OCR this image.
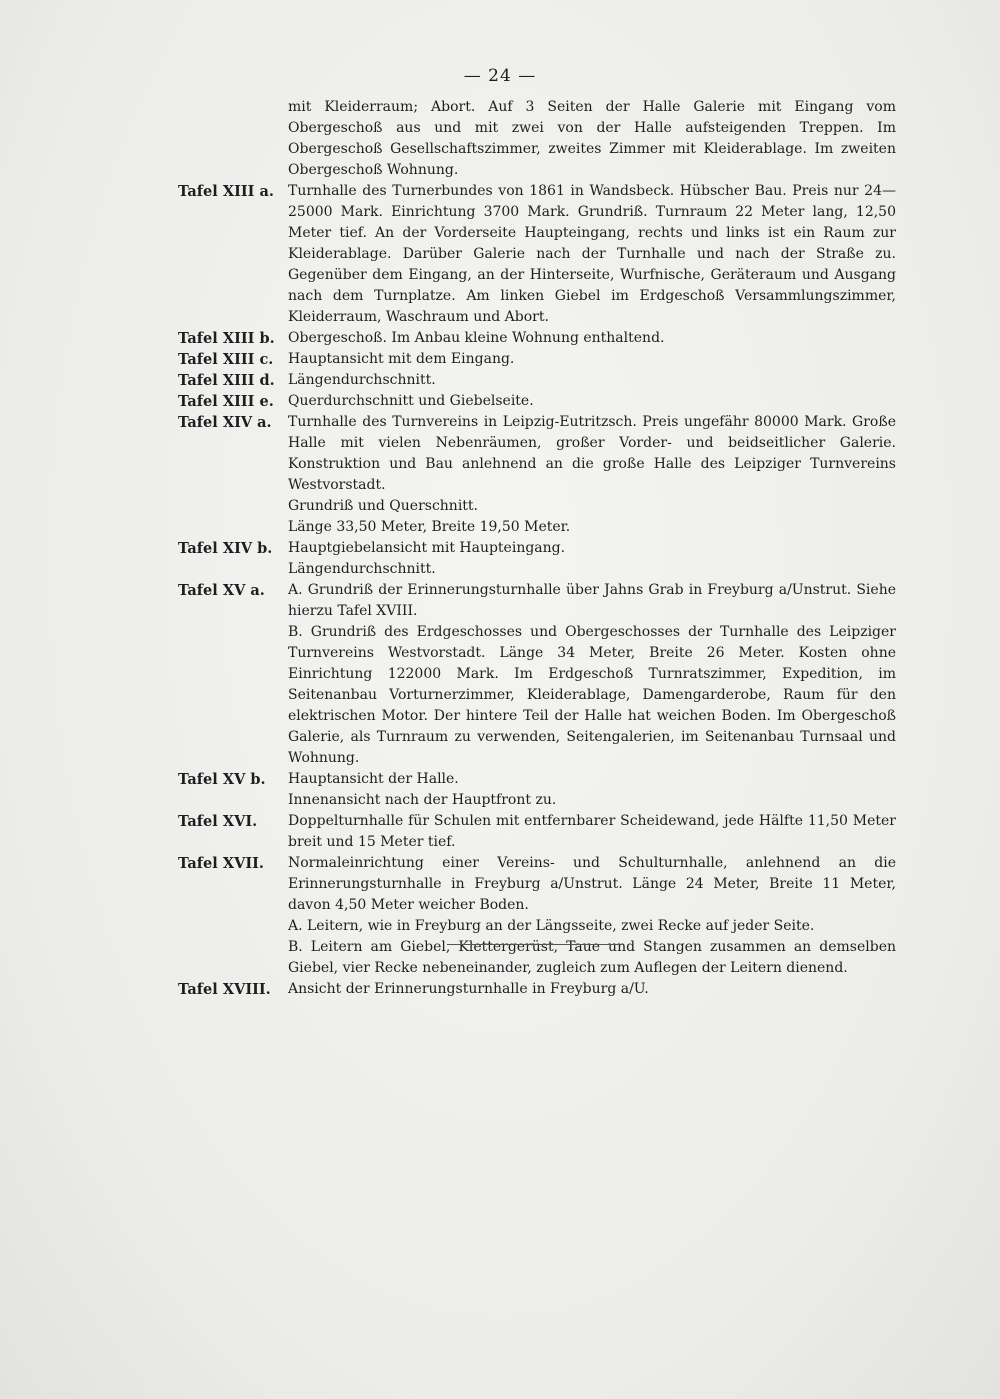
— 24 —

mit Kleiderraum; Abort. Auf 3 Seiten der Halle Galerie mit Eingang vom Obergeschoß aus und mit zwei von der Halle aufsteigenden Treppen. Im Obergeschoß Gesellschaftszimmer, zweites Zimmer mit Kleiderablage. Im zweiten Obergeschoß Wohnung.

Tafel XIII a.	Turnhalle des Turnerbundes von 1861 in Wandsbeck. Hübscher Bau. Preis nur 24—25000 Mark. Einrichtung 3700 Mark. Grundriß. Turnraum 22 Meter lang, 12,50 Meter tief. An der Vorderseite Haupteingang, rechts und links ist ein Raum zur Kleiderablage. Darüber Galerie nach der Turnhalle und nach der Straße zu. Gegenüber dem Eingang, an der Hinterseite, Wurfnische, Geräteraum und Ausgang nach dem Turnplatze. Am linken Giebel im Erdgeschoß Versammlungszimmer, Kleiderraum, Waschraum und Abort.

Tafel XIII b. Obergeschoß. Im Anbau kleine Wohnung enthaltend.

Tafel XIII c.	Hauptansicht mit dem Eingang.

Tafel XIII d. Längendurchschnitt.

Tafel XIII e.	Querdurchschnitt und Giebelseite.

Tafel XIV a.	Turnhalle des Turnvereins in Leipzig-Eutritzsch. Preis ungefähr 80000 Mark. Große Halle mit vielen Nebenräumen, großer Vorder- und beidseitlicher Galerie. Konstruktion und Bau anlehnend an die große Halle des Leipziger Turnvereins Westvorstadt.

Grundriß und Querschnitt.

Länge 33,50 Meter, Breite 19,50 Meter.

Tafel XIV b.	Hauptgiebelansicht mit Haupteingang.

Längendurchschnitt.

Tafel XV a.	A. Grundriß der Erinnerungsturnhalle über Jahns Grab in Freyburg a/Unstrut. Siehe hierzu Tafel XVIII.

B. Grundriß des Erdgeschosses und Obergeschosses der Turnhalle des Leipziger Turnvereins Westvorstadt. Länge 34 Meter, Breite 26 Meter. Kosten ohne Einrichtung 122000 Mark. Im Erdgeschoß Turnratszimmer, Expedition, im Seitenanbau Vorturnerzimmer, Kleiderablage, Damengarderobe, Raum für den elektrischen Motor. Der hintere Teil der Halle hat weichen Boden. Im Obergeschoß Galerie, als Turnraum zu verwenden, Seitengalerien, im Seitenanbau Turnsaal und Wohnung.

Tafel XV b.	Hauptansicht der Halle.

Innenansicht nach der Hauptfront zu.

Tafel XVI.	Doppelturnhalle für Schulen mit entfernbarer Scheidewand, jede Hälfte 11,50 Meter breit und 15 Meter tief.

Tafel XVII.	Normaleinrichtung einer Vereins- und Schulturnhalle, anlehnend an die Erinnerungsturnhalle in Freyburg a/Unstrut. Länge 24 Meter, Breite 11 Meter, davon 4,50 Meter weicher Boden.

A. Leitern, wie in Freyburg an der Längsseite, zwei Recke auf jeder Seite.

B. Leitern am Giebel, Klettergerüst, Taue und Stangen zusammen an demselben Giebel, vier Recke nebeneinander, zugleich zum Auflegen der Leitern dienend.

Tafel XVIII.	Ansicht der Erinnerungsturnhalle in Freyburg a/U.
